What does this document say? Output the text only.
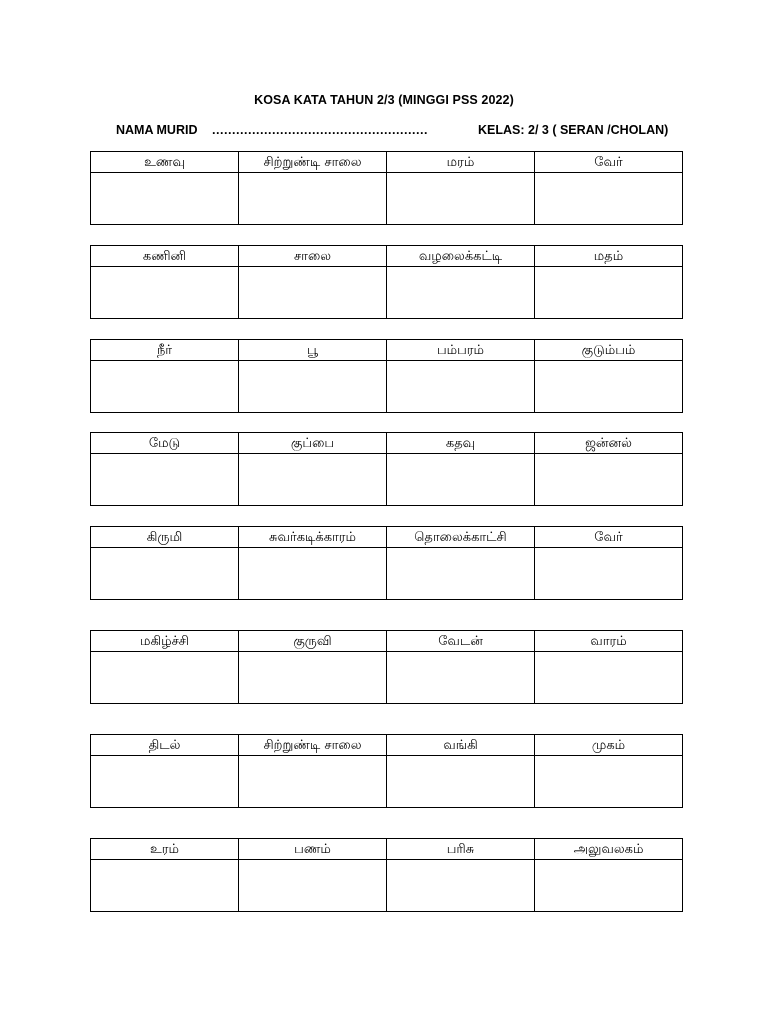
KOSA KATA TAHUN 2/3 (MINGGI PSS 2022)
NAMA MURID ………………………………………………	KELAS: 2/ 3 ( SERAN /CHOLAN)
உணவு	சிற்றுண்டி சாலை	மரம்	வேர்

கணினி	சாலை	வழலைக்கட்டி	மதம்

நீர்	பூ	பம்பரம்	குடும்பம்

மேடு	குப்பை	கதவு	ஜன்னல்

கிருமி	சுவர்கடிக்காரம்	தொலைக்காட்சி	வேர்

மகிழ்ச்சி	குருவி	வேடன்	வாரம்

திடல்	சிற்றுண்டி சாலை	வங்கி	முகம்

உரம்	பணம்	பரிசு	அலுவலகம்
